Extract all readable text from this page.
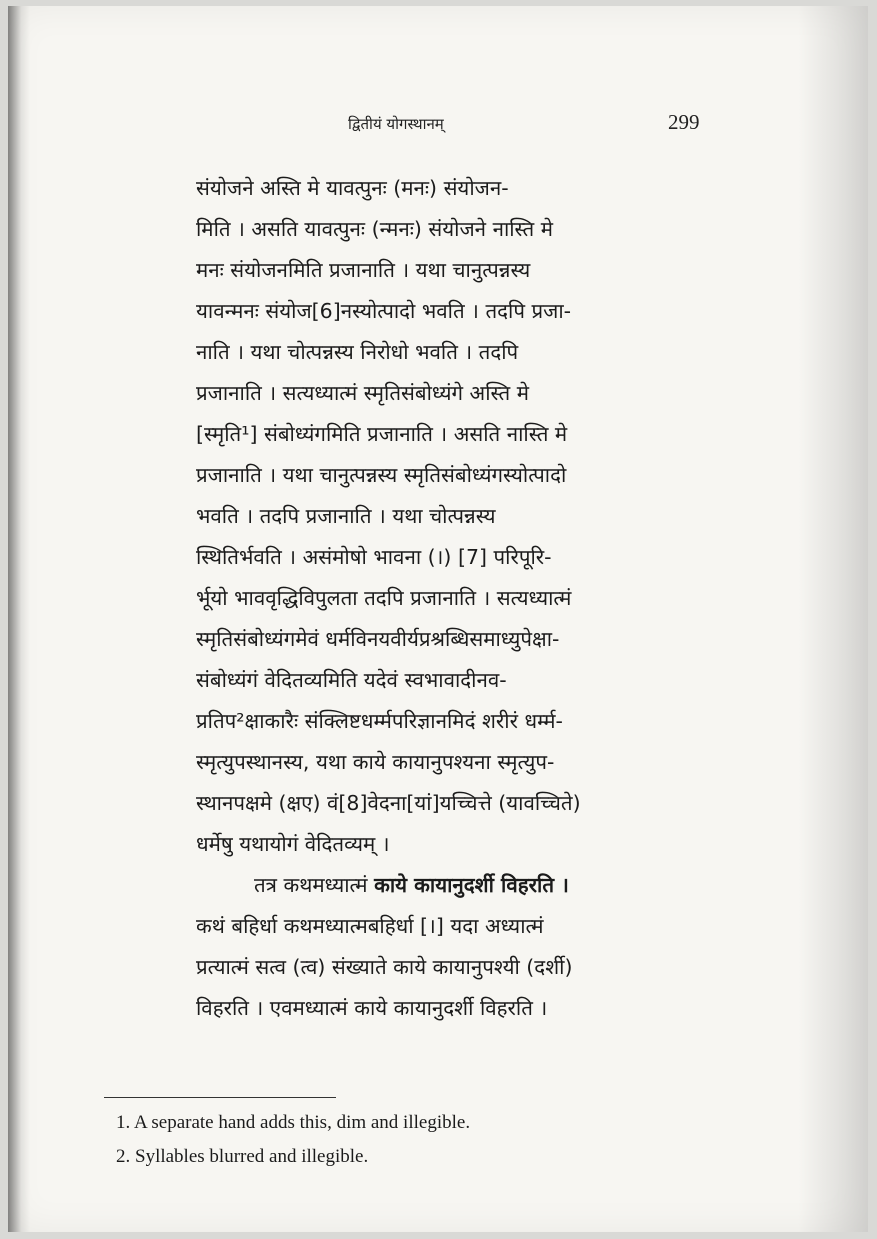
द्वितीयं योगस्थानम्	299
संयोजने अस्ति मे यावत्पुनः (मनः) संयोजन-
मिति । असति यावत्पुनः (न्मनः) संयोजने नास्ति मे
मनः संयोजनमिति प्रजानाति । यथा चानुत्पन्नस्य
यावन्मनः संयोज[6]नस्योत्पादो भवति । तदपि प्रजा-
नाति । यथा चोत्पन्नस्य निरोधो भवति । तदपि
प्रजानाति । सत्यध्यात्मं स्मृतिसंबोध्यंगे अस्ति मे
[स्मृति¹] संबोध्यंगमिति प्रजानाति । असति नास्ति मे
प्रजानाति । यथा चानुत्पन्नस्य स्मृतिसंबोध्यंगस्योत्पादो
भवति । तदपि प्रजानाति । यथा चोत्पन्नस्य
स्थितिर्भवति । असंमोषो भावना (।) [7] परिपूरि-
र्भूयो भाववृद्धिविपुलता तदपि प्रजानाति । सत्यध्यात्मं
स्मृतिसंबोध्यंगमेवं धर्मविनयवीर्यप्रश्रब्धिसमाध्युपेक्षा-
संबोध्यंगं वेदितव्यमिति यदेवं स्वभावादीनव-
प्रतिप²क्षाकारैः संक्लिष्टधर्म्मपरिज्ञानमिदं शरीरं धर्म्म-
स्मृत्युपस्थानस्य, यथा काये कायानुपश्यना स्मृत्युप-
स्थानपक्षमे (क्षए) वं[8]वेदना[यां]यच्चित्ते (यावच्चिते)
धर्मेषु यथायोगं वेदितव्यम् ।
तत्र कथमध्यात्मं काये कायानुदर्शी विहरति ।
कथं बहिर्धा कथमध्यात्मबहिर्धा [।] यदा अध्यात्मं
प्रत्यात्मं सत्व (त्व) संख्याते काये कायानुपश्यी (दर्शी)
विहरति । एवमध्यात्मं काये कायानुदर्शी विहरति ।
1. A separate hand adds this, dim and illegible.
2. Syllables blurred and illegible.
